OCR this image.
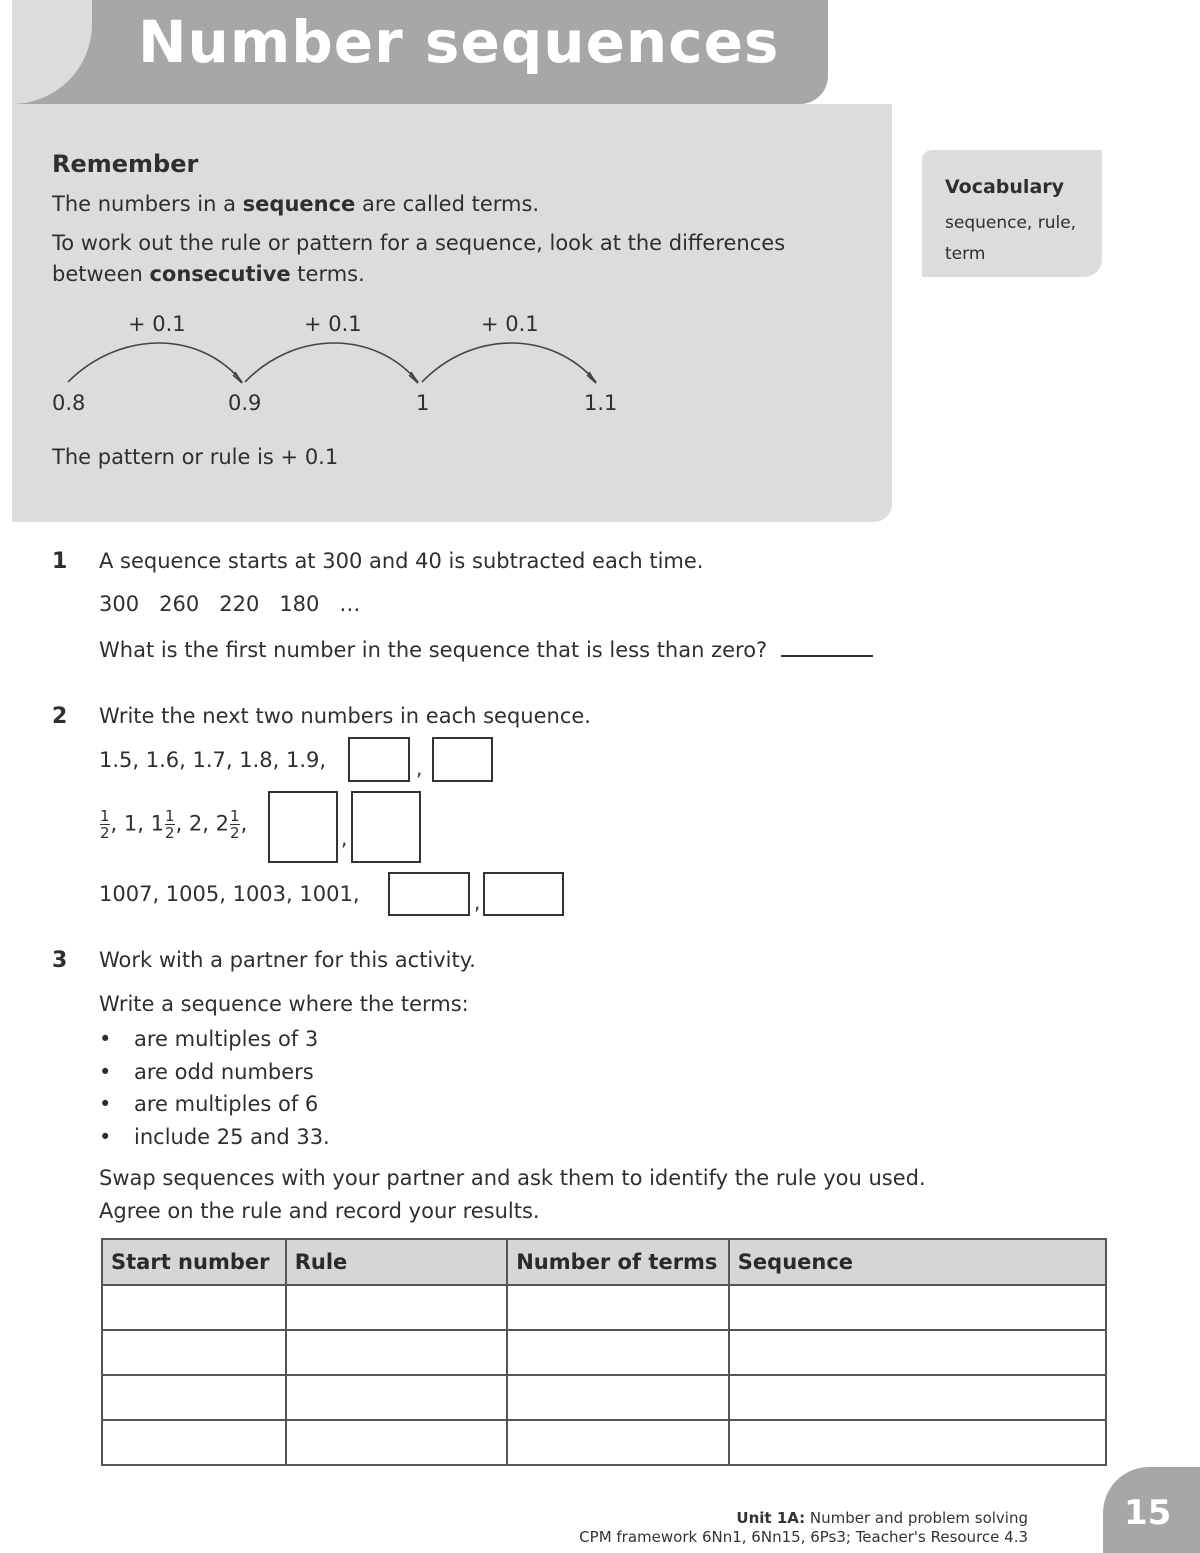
Number sequences
Remember
The numbers in a sequence are called terms.
To work out the rule or pattern for a sequence, look at the differences
between consecutive terms.
+ 0.1	+ 0.1	+ 0.1
0.8	0.9	1	1.1
The pattern or rule is + 0.1
Vocabulary
sequence, rule, term
1 A sequence starts at 300 and 40 is subtracted each time.
300   260   220   180   …
What is the first number in the sequence that is less than zero?
2 Write the next two numbers in each sequence.
1.5, 1.6, 1.7, 1.8, 1.9,	,
$\frac{1}{2}$ , 1, $1 \frac{1}{2}$ , 2, $2 \frac{1}{2}$ ,
,
1007, 1005, 1003, 1001,	,
3 Work with a partner for this activity.
Write a sequence where the terms:
• are multiples of 3
• are odd numbers
• are multiples of 6
• include 25 and 33.
Swap sequences with your partner and ask them to identify the rule you used.
Agree on the rule and record your results.
Start number	Rule	Number of terms	Sequence

Unit 1A: Number and problem solving
CPM framework 6Nn1, 6Nn15, 6Ps3; Teacher's Resource 4.3
15
